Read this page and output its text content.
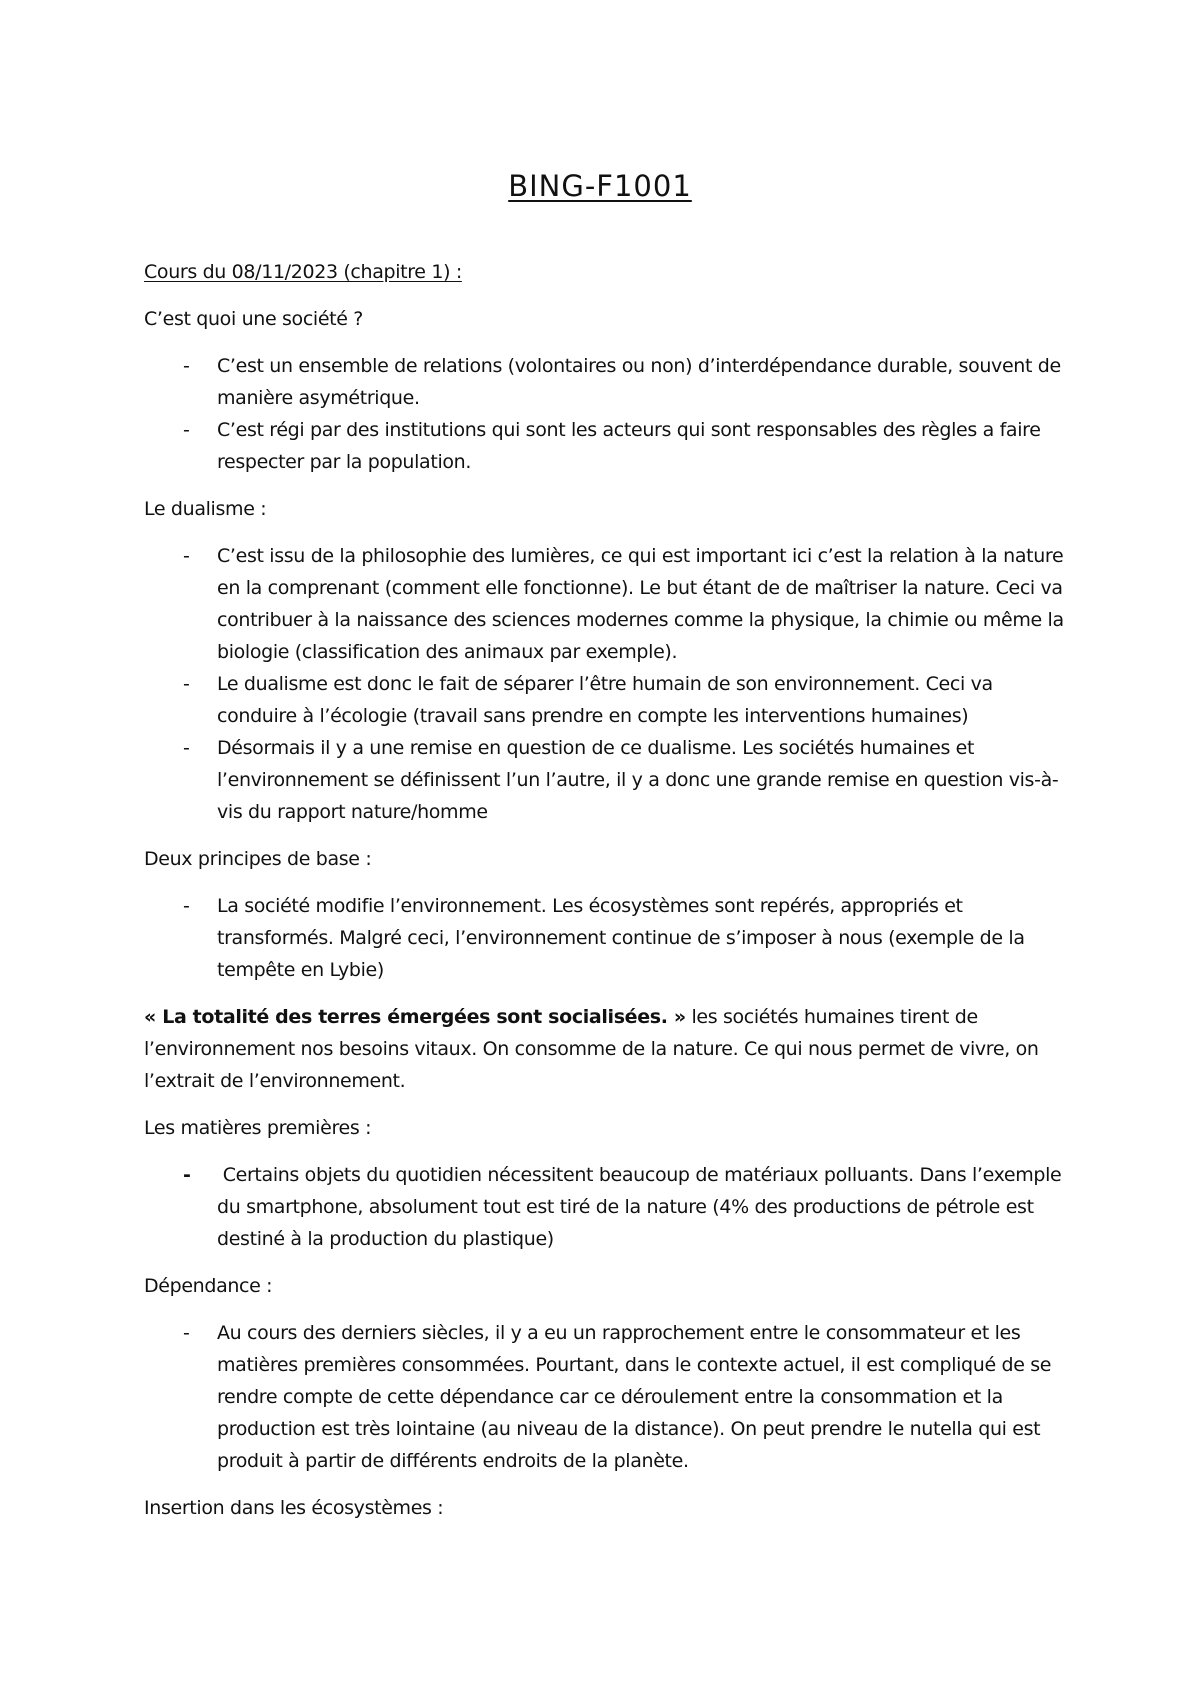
BING-F1001

Cours du 08/11/2023 (chapitre 1) :

C’est quoi une société ?

- C’est un ensemble de relations (volontaires ou non) d’interdépendance durable, souvent de manière asymétrique.
- C’est régi par des institutions qui sont les acteurs qui sont responsables des règles a faire respecter par la population.

Le dualisme :

- C’est issu de la philosophie des lumières, ce qui est important ici c’est la relation à la nature en la comprenant (comment elle fonctionne). Le but étant de de maîtriser la nature. Ceci va contribuer à la naissance des sciences modernes comme la physique, la chimie ou même la biologie (classification des animaux par exemple).
- Le dualisme est donc le fait de séparer l’être humain de son environnement. Ceci va conduire à l’écologie (travail sans prendre en compte les interventions humaines)
- Désormais il y a une remise en question de ce dualisme. Les sociétés humaines et l’environnement se définissent l’un l’autre, il y a donc une grande remise en question vis-à-vis du rapport nature/homme

Deux principes de base :

- La société modifie l’environnement. Les écosystèmes sont repérés, appropriés et transformés. Malgré ceci, l’environnement continue de s’imposer à nous (exemple de la tempête en Lybie)

« La totalité des terres émergées sont socialisées. » les sociétés humaines tirent de l’environnement nos besoins vitaux. On consomme de la nature. Ce qui nous permet de vivre, on l’extrait de l’environnement.

Les matières premières :

- Certains objets du quotidien nécessitent beaucoup de matériaux polluants. Dans l’exemple du smartphone, absolument tout est tiré de la nature (4% des productions de pétrole est destiné à la production du plastique)

Dépendance :

- Au cours des derniers siècles, il y a eu un rapprochement entre le consommateur et les matières premières consommées. Pourtant, dans le contexte actuel, il est compliqué de se rendre compte de cette dépendance car ce déroulement entre la consommation et la production est très lointaine (au niveau de la distance). On peut prendre le nutella qui est produit à partir de différents endroits de la planète.

Insertion dans les écosystèmes :
